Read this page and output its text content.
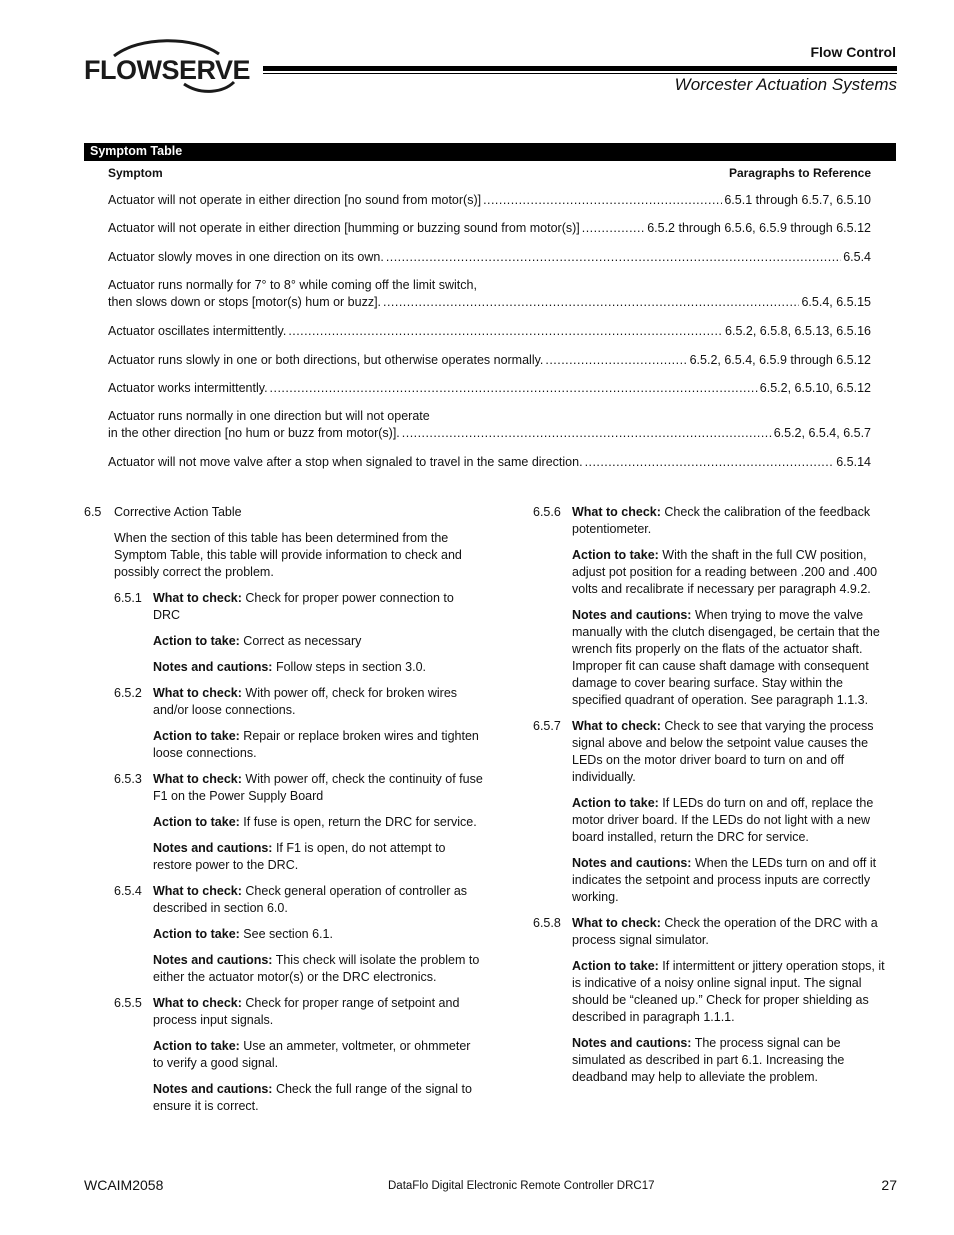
FLOWSERVE
Flow Control
Worcester Actuation Systems
Symptom Table
Symptom	Paragraphs to Reference
Actuator will not operate in either direction [no sound from motor(s)] . . .	6.5.1 through 6.5.7, 6.5.10
Actuator will not operate in either direction [humming or buzzing sound from motor(s)] . . .	6.5.2 through 6.5.6, 6.5.9 through 6.5.12
Actuator slowly moves in one direction on its own. . . .	6.5.4
Actuator runs normally for 7° to 8° while coming off the limit switch,
then slows down or stops [motor(s) hum or buzz]. . . .	6.5.4, 6.5.15
Actuator oscillates intermittently. . . .	6.5.2, 6.5.8, 6.5.13, 6.5.16
Actuator runs slowly in one or both directions, but otherwise operates normally. . . .	6.5.2, 6.5.4, 6.5.9 through 6.5.12
Actuator works intermittently. . . .	6.5.2, 6.5.10, 6.5.12
Actuator runs normally in one direction but will not operate
in the other direction [no hum or buzz from motor(s)]. . . .	6.5.2, 6.5.4, 6.5.7
Actuator will not move valve after a stop when signaled to travel in the same direction. . . .	6.5.14
6.5	Corrective Action Table
When the section of this table has been determined from the Symptom Table, this table will provide information to check and possibly correct the problem.
6.5.1 What to check: Check for proper power connection to DRC
Action to take: Correct as necessary
Notes and cautions: Follow steps in section 3.0.
6.5.2 What to check: With power off, check for broken wires and/or loose connections.
Action to take: Repair or replace broken wires and tighten loose connections.
6.5.3 What to check: With power off, check the continuity of fuse F1 on the Power Supply Board
Action to take: If fuse is open, return the DRC for service.
Notes and cautions: If F1 is open, do not attempt to restore power to the DRC.
6.5.4 What to check: Check general operation of controller as described in section 6.0.
Action to take: See section 6.1.
Notes and cautions: This check will isolate the problem to either the actuator motor(s) or the DRC electronics.
6.5.5 What to check: Check for proper range of setpoint and process input signals.
Action to take: Use an ammeter, voltmeter, or ohmmeter to verify a good signal.
Notes and cautions: Check the full range of the signal to ensure it is correct.
6.5.6 What to check: Check the calibration of the feedback potentiometer.
Action to take: With the shaft in the full CW position, adjust pot position for a reading between .200 and .400 volts and recalibrate if necessary per paragraph 4.9.2.
Notes and cautions: When trying to move the valve manually with the clutch disengaged, be certain that the wrench fits properly on the flats of the actuator shaft. Improper fit can cause shaft damage with consequent damage to cover bearing surface. Stay within the specified quadrant of operation. See paragraph 1.1.3.
6.5.7 What to check: Check to see that varying the process signal above and below the setpoint value causes the LEDs on the motor driver board to turn on and off individually.
Action to take: If LEDs do turn on and off, replace the motor driver board. If the LEDs do not light with a new board installed, return the DRC for service.
Notes and cautions: When the LEDs turn on and off it indicates the setpoint and process inputs are correctly working.
6.5.8 What to check: Check the operation of the DRC with a process signal simulator.
Action to take: If intermittent or jittery operation stops, it is indicative of a noisy online signal input. The signal should be “cleaned up.” Check for proper shielding as described in paragraph 1.1.1.
Notes and cautions: The process signal can be simulated as described in part 6.1. Increasing the deadband may help to alleviate the problem.
WCAIM2058	DataFlo Digital Electronic Remote Controller DRC17	27
